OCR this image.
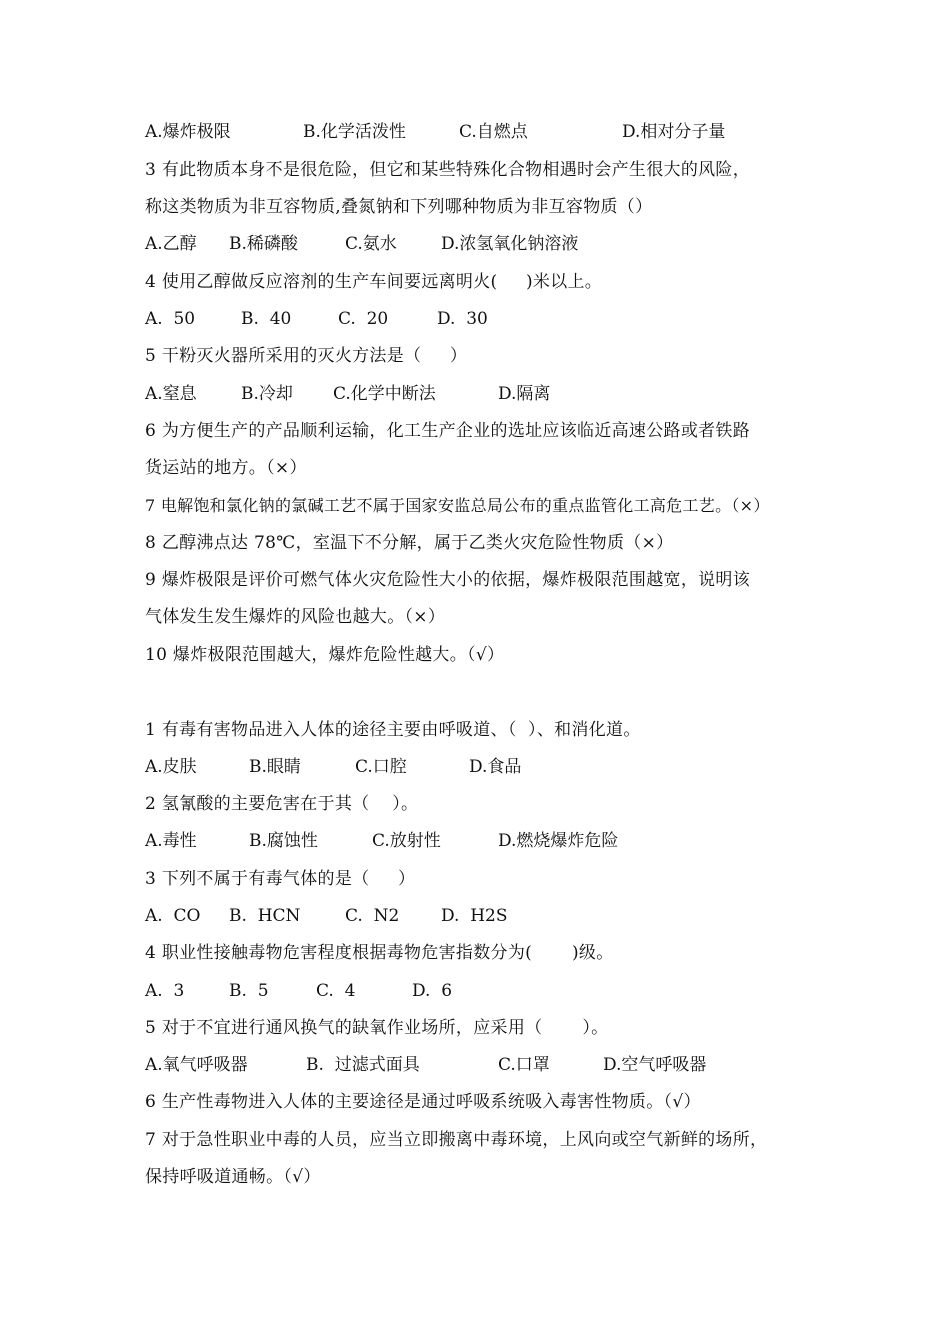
A.爆炸极限	B.化学活泼性	C.自燃点	D.相对分子量
3 有此物质本身不是很危险，但它和某些特殊化合物相遇时会产生很大的风险，
称这类物质为非互容物质,叠氮钠和下列哪种物质为非互容物质（）
A.乙醇 B.稀磷酸	C.氨水	D.浓氢氧化钠溶液
4 使用乙醇做反应溶剂的生产车间要远离明火(     )米以上。
A.  50	B.  40	C.  20	D.  30
5 干粉灭火器所采用的灭火方法是（     ）
A.窒息	B.冷却 C.化学中断法	D.隔离
6 为方便生产的产品顺利运输，化工生产企业的选址应该临近高速公路或者铁路
货运站的地方。（×）
7 电解饱和氯化钠的氯碱工艺不属于国家安监总局公布的重点监管化工高危工艺。（×）
8 乙醇沸点达 78℃，室温下不分解，属于乙类火灾危险性物质（×）
9 爆炸极限是评价可燃气体火灾危险性大小的依据，爆炸极限范围越宽，说明该
气体发生发生爆炸的风险也越大。（×）
10 爆炸极限范围越大，爆炸危险性越大。（√）
1 有毒有害物品进入人体的途径主要由呼吸道、（  ）、和消化道。
A.皮肤	B.眼睛	C.口腔	D.食品
2 氢氰酸的主要危害在于其（    ）。
A.毒性	B.腐蚀性	C.放射性	D.燃烧爆炸危险
3 下列不属于有毒气体的是（     ）
A.  CO B.  HCN	C.  N2 D.  H2S
4 职业性接触毒物危害程度根据毒物危害指数分为(       )级。
A.  3	B.  5	C.  4	D.  6
5 对于不宜进行通风换气的缺氧作业场所，应采用（       ）。
A.氧气呼吸器	B.  过滤式面具	C.口罩	D.空气呼吸器
6 生产性毒物进入人体的主要途径是通过呼吸系统吸入毒害性物质。（√）
7 对于急性职业中毒的人员，应当立即搬离中毒环境，上风向或空气新鲜的场所，
保持呼吸道通畅。（√）
